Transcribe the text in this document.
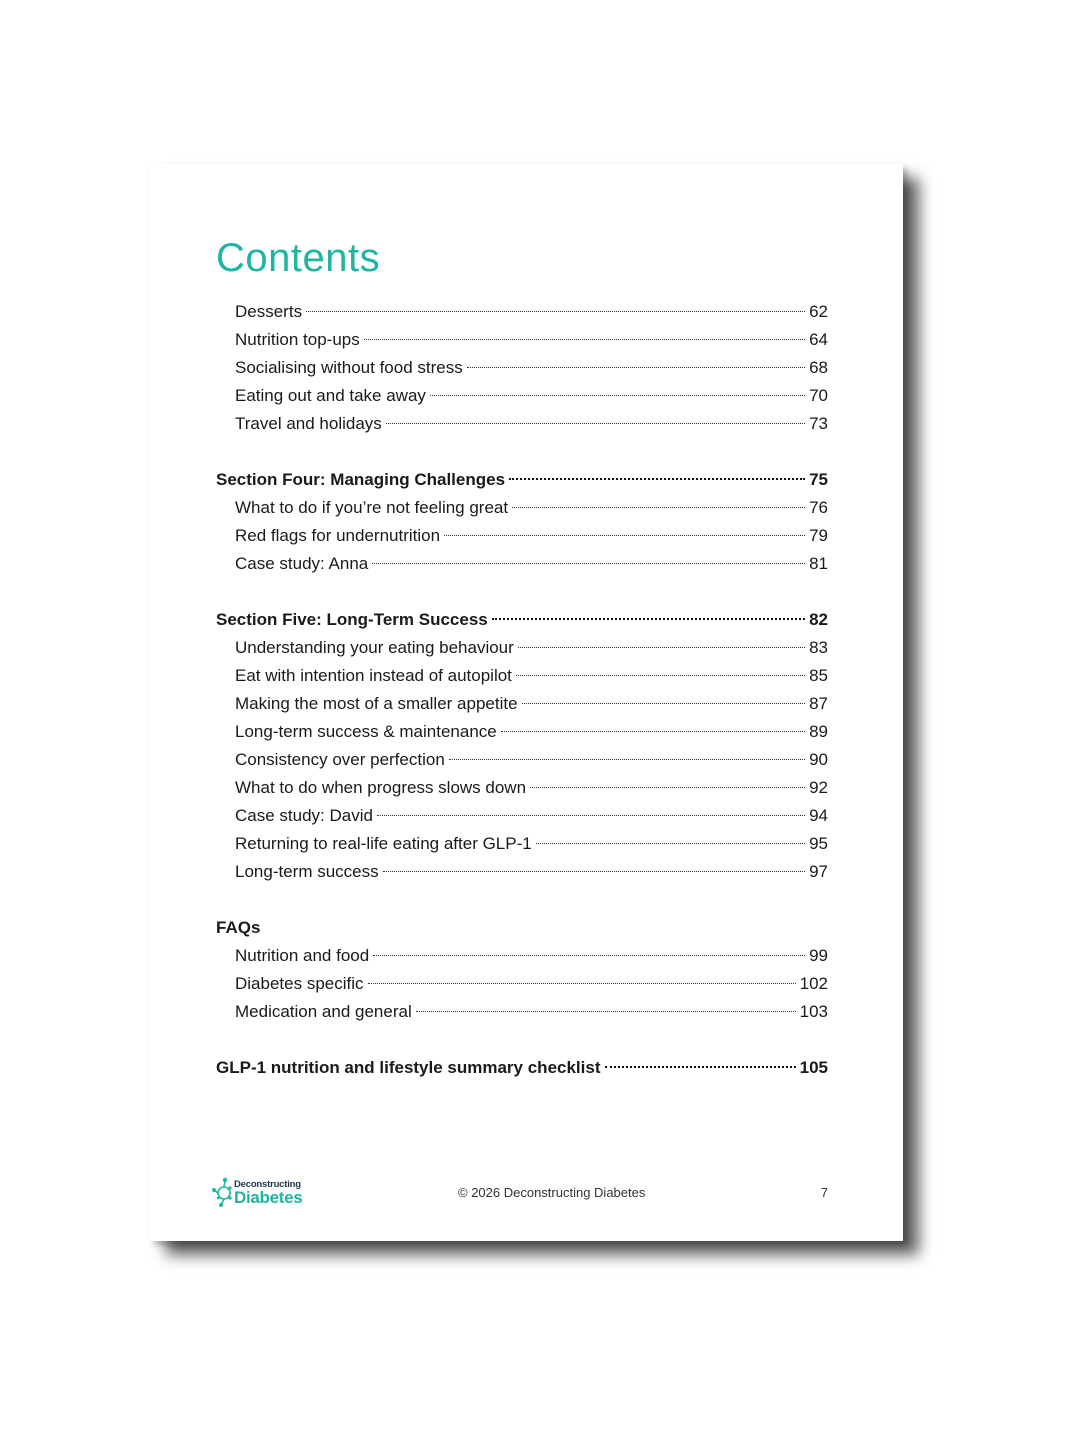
Contents
Desserts	62
Nutrition top-ups	64
Socialising without food stress	68
Eating out and take away	70
Travel and holidays	73
Section Four: Managing Challenges	75
What to do if you’re not feeling great	76
Red flags for undernutrition	79
Case study: Anna	81
Section Five: Long-Term Success	82
Understanding your eating behaviour	83
Eat with intention instead of autopilot	85
Making the most of a smaller appetite	87
Long-term success & maintenance	89
Consistency over perfection	90
What to do when progress slows down	92
Case study: David	94
Returning to real-life eating after GLP-1	95
Long-term success	97
FAQs
Nutrition and food	99
Diabetes specific	102
Medication and general	103
GLP-1 nutrition and lifestyle summary checklist	105
Deconstructing
Diabetes	© 2026 Deconstructing Diabetes	7
